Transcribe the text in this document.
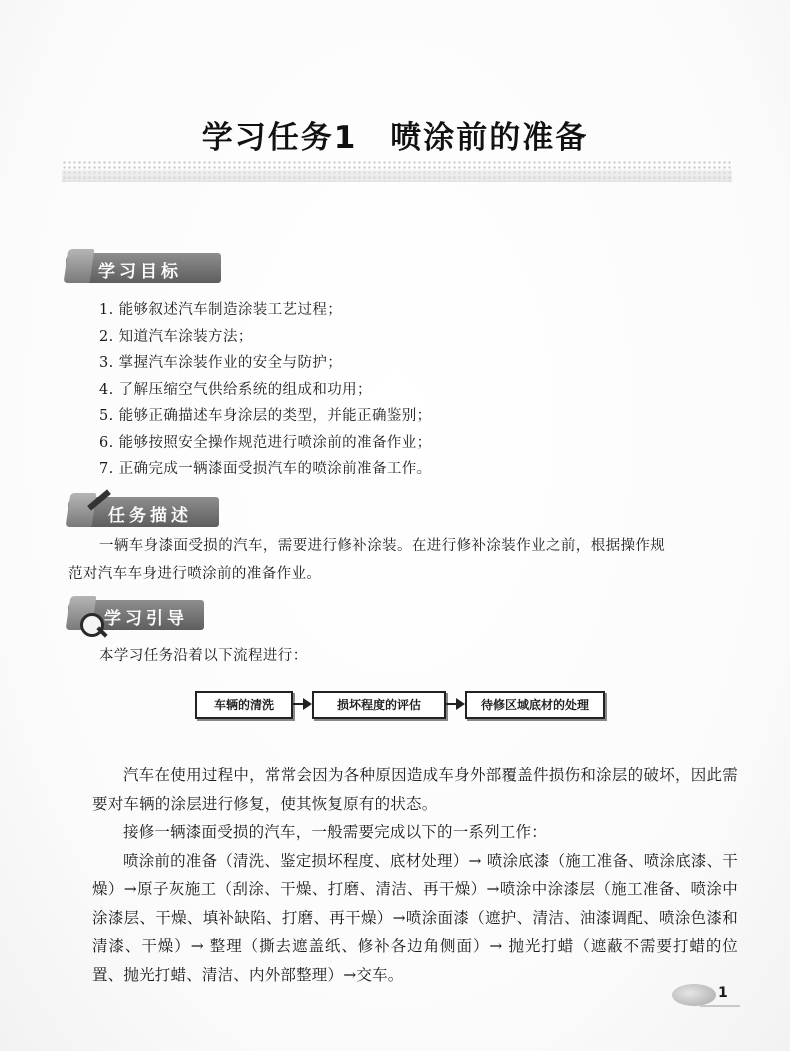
学习任务1　喷涂前的准备
学习目标
1. 能够叙述汽车制造涂装工艺过程；
2. 知道汽车涂装方法；
3. 掌握汽车涂装作业的安全与防护；
4. 了解压缩空气供给系统的组成和功用；
5. 能够正确描述车身涂层的类型，并能正确鉴别；
6. 能够按照安全操作规范进行喷涂前的准备作业；
7. 正确完成一辆漆面受损汽车的喷涂前准备工作。
任务描述
一辆车身漆面受损的汽车，需要进行修补涂装。在进行修补涂装作业之前，根据操作规
范对汽车车身进行喷涂前的准备作业。
学习引导
本学习任务沿着以下流程进行：
车辆的清洗	损坏程度的评估	待修区域底材的处理

汽车在使用过程中，常常会因为各种原因造成车身外部覆盖件损伤和涂层的破坏，因此需要对车辆的涂层进行修复，使其恢复原有的状态。

接修一辆漆面受损的汽车，一般需要完成以下的一系列工作：

喷涂前的准备（清洗、鉴定损坏程度、底材处理）→ 喷涂底漆（施工准备、喷涂底漆、干燥）→原子灰施工（刮涂、干燥、打磨、清洁、再干燥）→喷涂中涂漆层（施工准备、喷涂中涂漆层、干燥、填补缺陷、打磨、再干燥）→喷涂面漆（遮护、清洁、油漆调配、喷涂色漆和清漆、干燥）→ 整理（撕去遮盖纸、修补各边角侧面）→ 抛光打蜡（遮蔽不需要打蜡的位置、抛光打蜡、清洁、内外部整理）→交车。

1
